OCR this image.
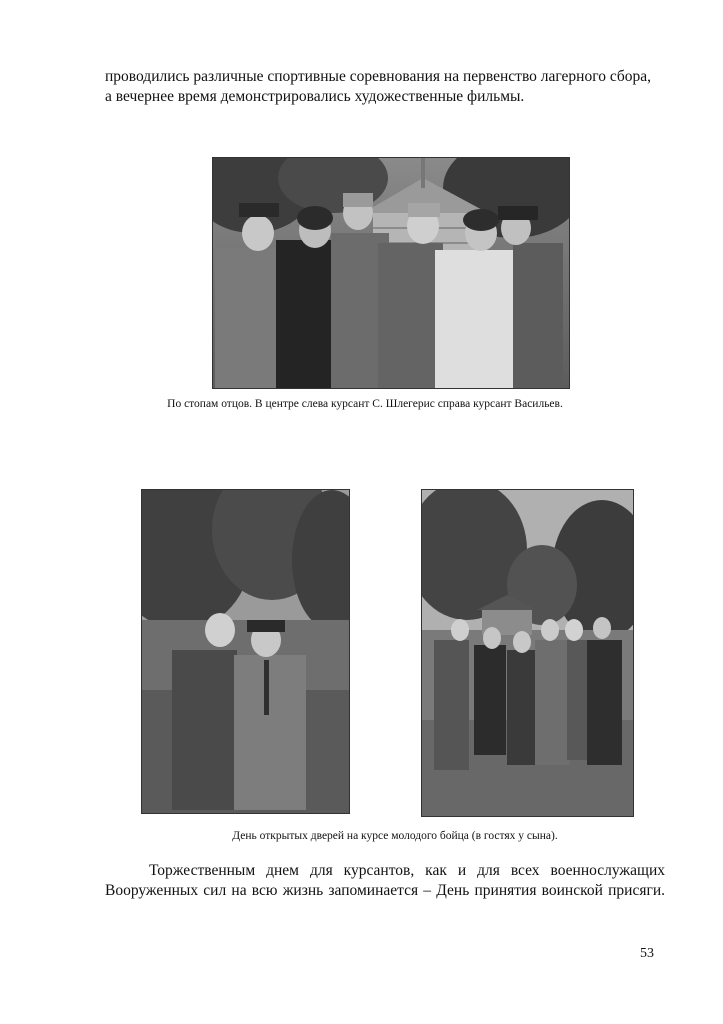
проводились различные спортивные соревнования на первенство лагерного сбора,
а вечернее время демонстрировались художественные фильмы.

По стопам отцов. В центре слева курсант С. Шлегерис справа курсант Васильев.

День открытых дверей на курсе молодого бойца (в гостях у сына).

Торжественным днем для курсантов, как и для всех военнослужащих
Вооруженных сил на всю жизнь запоминается – День принятия воинской присяги.

53
